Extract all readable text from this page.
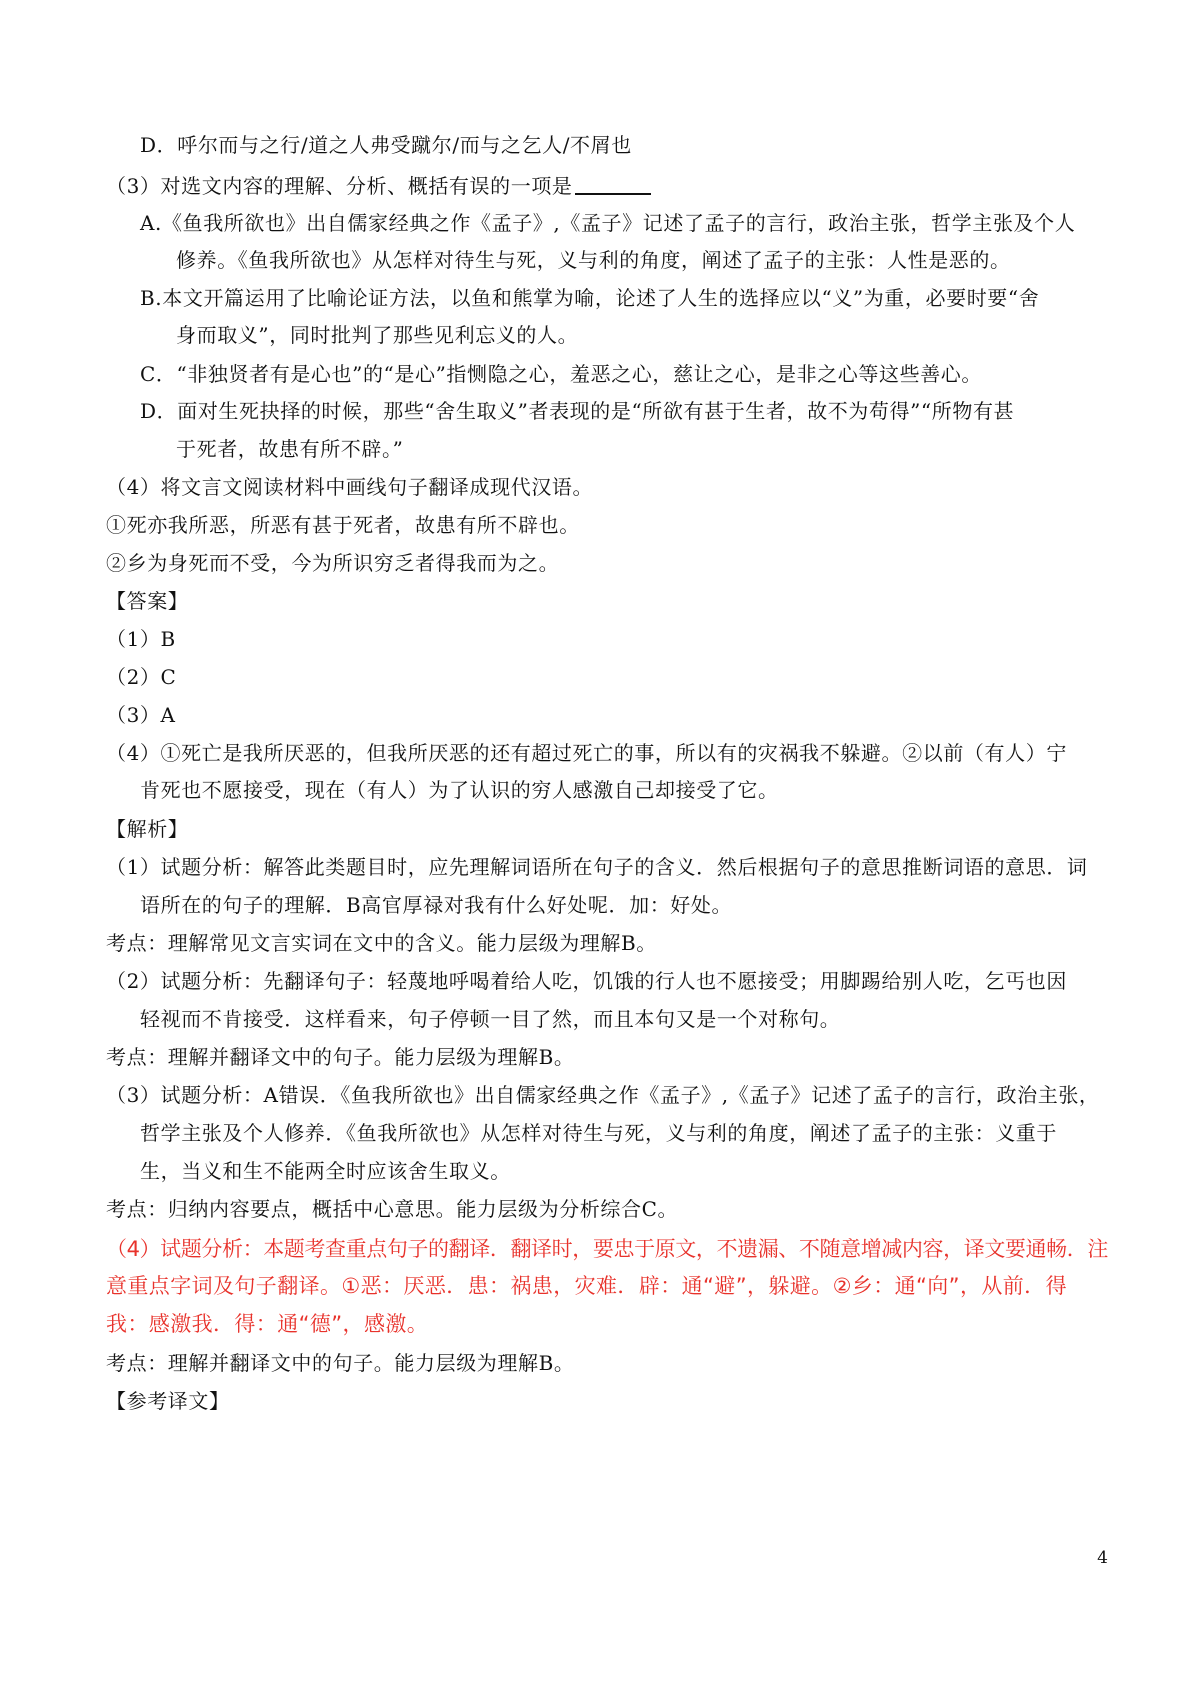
D．呼尔而与之行/道之人弗受蹴尔/而与之乞人/不屑也
（3）对选文内容的理解、分析、概括有误的一项是
A.《鱼我所欲也》出自儒家经典之作《孟子》,《孟子》记述了孟子的言行，政治主张，哲学主张及个人
修养。《鱼我所欲也》从怎样对待生与死，义与利的角度，阐述了孟子的主张：人性是恶的。
B.本文开篇运用了比喻论证方法，以鱼和熊掌为喻，论述了人生的选择应以“义”为重，必要时要“舍
身而取义”，同时批判了那些见利忘义的人。
C．“非独贤者有是心也”的“是心”指恻隐之心，羞恶之心，慈让之心，是非之心等这些善心。
D．面对生死抉择的时候，那些“舍生取义”者表现的是“所欲有甚于生者，故不为苟得”“所物有甚
于死者，故患有所不辟。”
（4）将文言文阅读材料中画线句子翻译成现代汉语。
①死亦我所恶，所恶有甚于死者，故患有所不辟也。
②乡为身死而不受，今为所识穷乏者得我而为之。
【答案】
（1）B
（2）C
（3）A
（4）①死亡是我所厌恶的，但我所厌恶的还有超过死亡的事，所以有的灾祸我不躲避。②以前（有人）宁
肯死也不愿接受，现在（有人）为了认识的穷人感激自己却接受了它。
【解析】
（1）试题分析：解答此类题目时，应先理解词语所在句子的含义．然后根据句子的意思推断词语的意思．词
语所在的句子的理解．B高官厚禄对我有什么好处呢．加：好处。
考点：理解常见文言实词在文中的含义。能力层级为理解B。
（2）试题分析：先翻译句子：轻蔑地呼喝着给人吃，饥饿的行人也不愿接受；用脚踢给别人吃，乞丐也因
轻视而不肯接受．这样看来，句子停顿一目了然，而且本句又是一个对称句。
考点：理解并翻译文中的句子。能力层级为理解B。
（3）试题分析：A错误．《鱼我所欲也》出自儒家经典之作《孟子》,《孟子》记述了孟子的言行，政治主张，
哲学主张及个人修养．《鱼我所欲也》从怎样对待生与死，义与利的角度，阐述了孟子的主张：义重于
生，当义和生不能两全时应该舍生取义。
考点：归纳内容要点，概括中心意思。能力层级为分析综合C。
（4）试题分析：本题考查重点句子的翻译．翻译时，要忠于原文，不遗漏、不随意增减内容，译文要通畅．注
意重点字词及句子翻译。①恶：厌恶．患：祸患，灾难．辟：通“避”，躲避。②乡：通“向”，从前．得
我：感激我．得：通“德”，感激。
考点：理解并翻译文中的句子。能力层级为理解B。
【参考译文】
4
